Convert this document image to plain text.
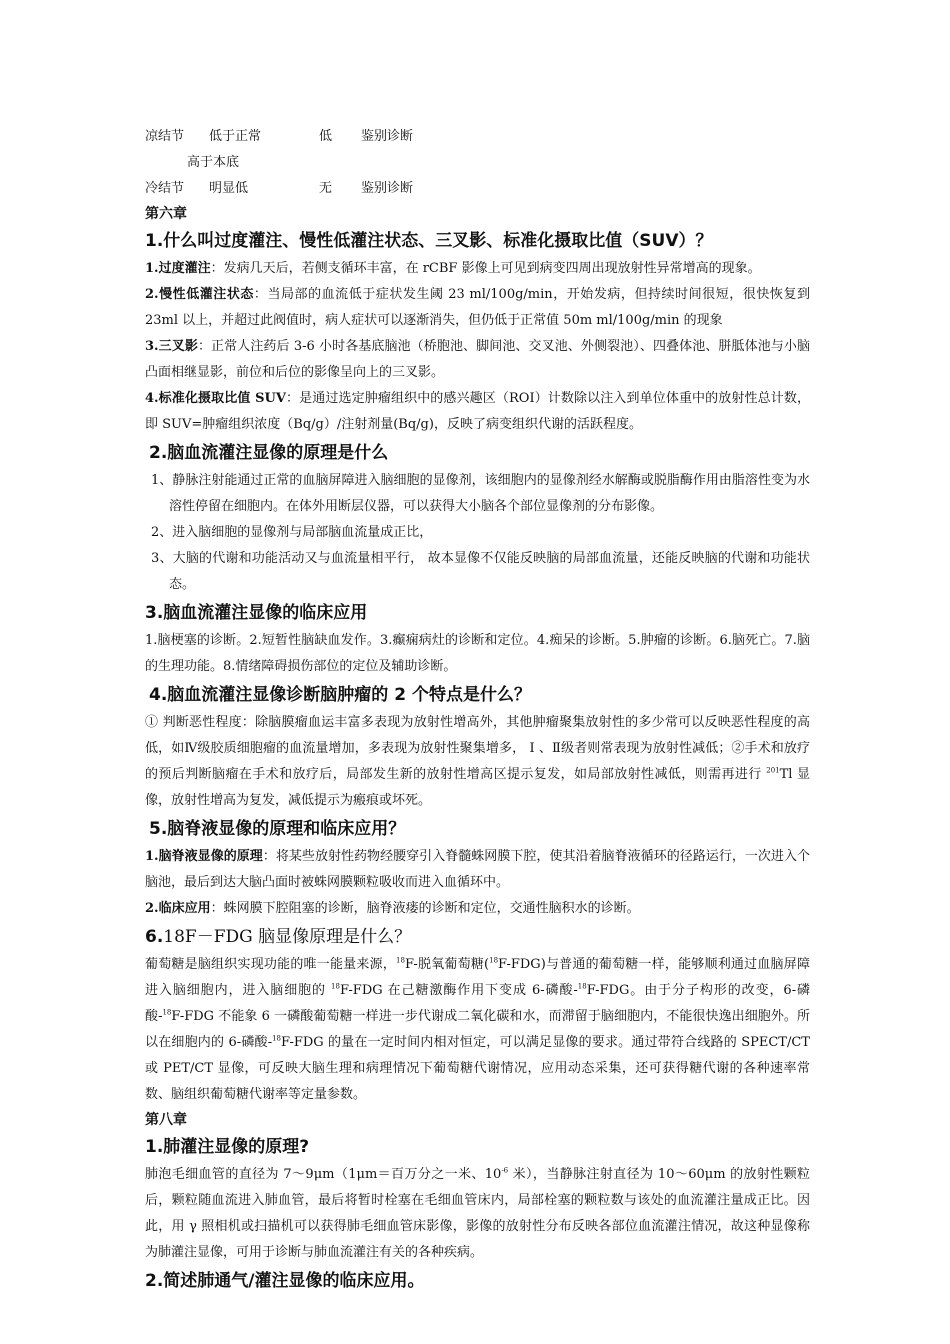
凉结节	低于正常	低	鉴别诊断
高于本底
冷结节	明显低	无	鉴别诊断

第六章

1.什么叫过度灌注、慢性低灌注状态、三叉影、标准化摄取比值（SUV）？

1.过度灌注：发病几天后，若侧支循环丰富，在 rCBF 影像上可见到病变四周出现放射性异常增高的现象。

2.慢性低灌注状态：当局部的血流低于症状发生阈 23 ml/100g/min，开始发病，但持续时间很短，很快恢复到 23ml 以上，并超过此阀值时，病人症状可以逐渐消失，但仍低于正常值 50m ml/100g/min 的现象

3.三叉影：正常人注药后 3-6 小时各基底脑池（桥胞池、脚间池、交叉池、外侧裂池）、四叠体池、胼胝体池与小脑凸面相继显影，前位和后位的影像呈向上的三叉影。

4.标准化摄取比值 SUV：是通过选定肿瘤组织中的感兴趣区（ROI）计数除以注入到单位体重中的放射性总计数，即 SUV=肿瘤组织浓度（Bq/g）/注射剂量(Bq/g)，反映了病变组织代谢的活跃程度。

2.脑血流灌注显像的原理是什么

1、静脉注射能通过正常的血脑屏障进入脑细胞的显像剂，该细胞内的显像剂经水解酶或脱脂酶作用由脂溶性变为水溶性停留在细胞内。在体外用断层仪器，可以获得大小脑各个部位显像剂的分布影像。

2、进入脑细胞的显像剂与局部脑血流量成正比，

3、大脑的代谢和功能活动又与血流量相平行， 故本显像不仅能反映脑的局部血流量，还能反映脑的代谢和功能状态。

3.脑血流灌注显像的临床应用

1.脑梗塞的诊断。2.短暂性脑缺血发作。3.癫痫病灶的诊断和定位。4.痴呆的诊断。5.肿瘤的诊断。6.脑死亡。7.脑的生理功能。8.情绪障碍损伤部位的定位及辅助诊断。

4.脑血流灌注显像诊断脑肿瘤的 2 个特点是什么？

① 判断恶性程度：除脑膜瘤血运丰富多表现为放射性增高外，其他肿瘤聚集放射性的多少常可以反映恶性程度的高低，如Ⅳ级胶质细胞瘤的血流量增加，多表现为放射性聚集增多， Ⅰ 、Ⅱ级者则常表现为放射性减低；②手术和放疗的预后判断脑瘤在手术和放疗后，局部发生新的放射性增高区提示复发，如局部放射性减低，则需再进行 $^{201}$Tl 显像，放射性增高为复发，减低提示为瘢痕或坏死。

5.脑脊液显像的原理和临床应用？

1.脑脊液显像的原理：将某些放射性药物经腰穿引入脊髓蛛网膜下腔，使其沿着脑脊液循环的径路运行，一次进入个脑池，最后到达大脑凸面时被蛛网膜颗粒吸收而进入血循环中。

2.临床应用：蛛网膜下腔阻塞的诊断，脑脊液瘘的诊断和定位，交通性脑积水的诊断。

6.18F－FDG 脑显像原理是什么？

葡萄糖是脑组织实现功能的唯一能量来源，$^{18}$F-脱氧葡萄糖($^{18}$F-FDG)与普通的葡萄糖一样，能够顺利通过血脑屏障进入脑细胞内，进入脑细胞的 $^{18}$F-FDG 在己糖激酶作用下变成 6-磷酸-$^{18}$F-FDG。由于分子构形的改变，6-磷酸-$^{18}$F-FDG 不能象 6 一磷酸葡萄糖一样进一步代谢成二氧化碳和水，而滞留于脑细胞内，不能很快逸出细胞外。所以在细胞内的 6-磷酸-$^{18}$F-FDG 的量在一定时间内相对恒定，可以满足显像的要求。通过带符合线路的 SPECT/CT 或 PET/CT 显像，可反映大脑生理和病理情况下葡萄糖代谢情况，应用动态采集，还可获得糖代谢的各种速率常数、脑组织葡萄糖代谢率等定量参数。

第八章

1.肺灌注显像的原理?

肺泡毛细血管的直径为 7～9μm（1μm＝百万分之一米、$10^{-6}$ 米），当静脉注射直径为 10～60μm 的放射性颗粒后，颗粒随血流进入肺血管，最后将暂时栓塞在毛细血管床内，局部栓塞的颗粒数与该处的血流灌注量成正比。因此，用 γ 照相机或扫描机可以获得肺毛细血管床影像，影像的放射性分布反映各部位血流灌注情况，故这种显像称为肺灌注显像，可用于诊断与肺血流灌注有关的各种疾病。

2.简述肺通气/灌注显像的临床应用。
